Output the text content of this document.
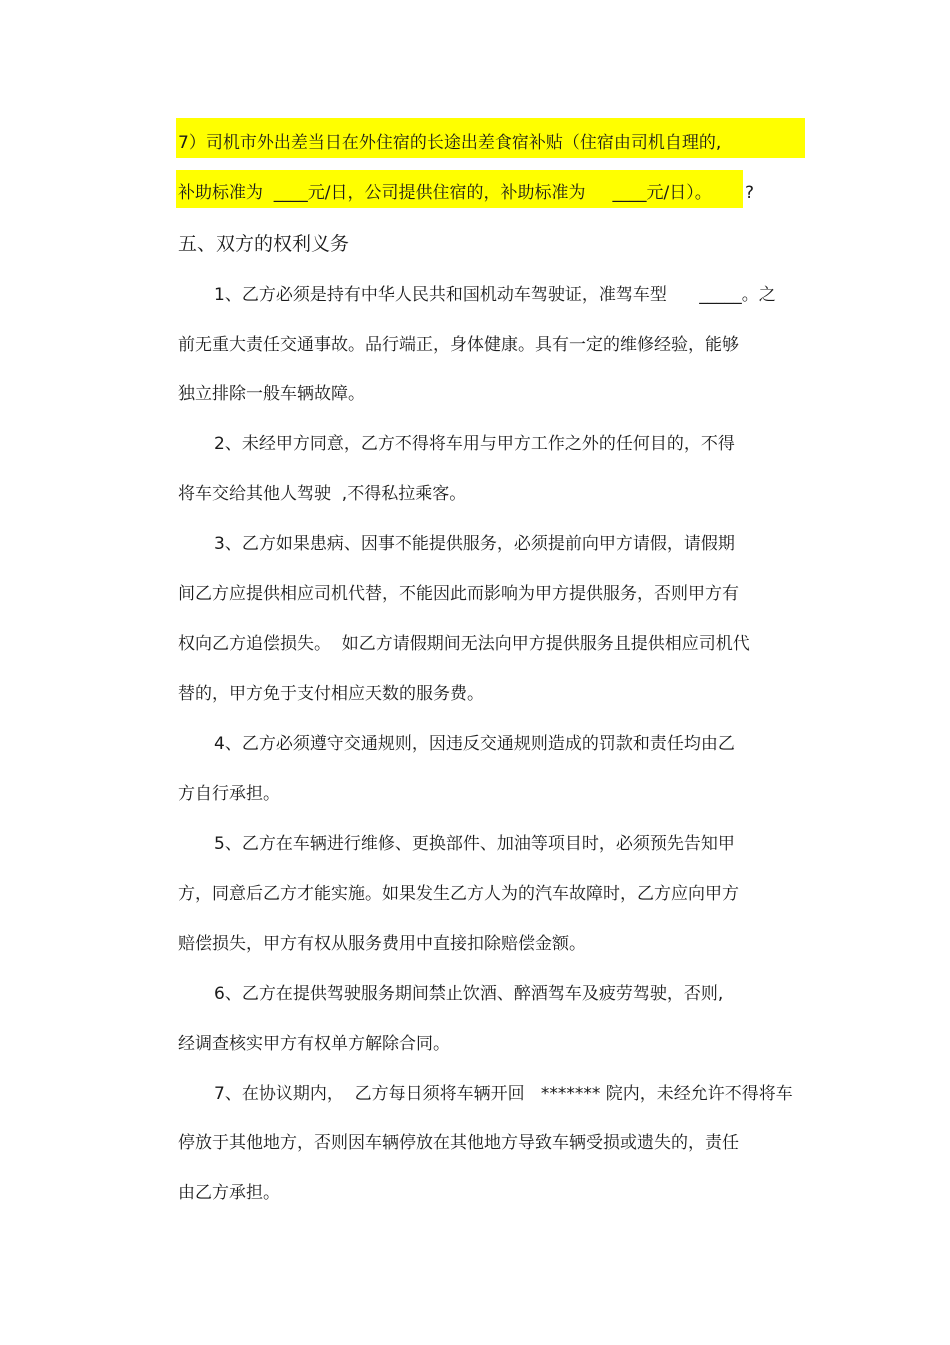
7）司机市外出差当日在外住宿的长途出差食宿补贴（住宿由司机自理的,
补助标准为  ____元/日，公司提供住宿的，补助标准为     ____元/日）。 ?
五、双方的权利义务
1、乙方必须是持有中华人民共和国机动车驾驶证，准驾车型      _____。之
前无重大责任交通事故。品行端正，身体健康。具有一定的维修经验，能够
独立排除一般车辆故障。
2、未经甲方同意，乙方不得将车用与甲方工作之外的任何目的，不得
将车交给其他人驾驶  ,不得私拉乘客。
3、乙方如果患病、因事不能提供服务，必须提前向甲方请假，请假期
间乙方应提供相应司机代替，不能因此而影响为甲方提供服务，否则甲方有
权向乙方追偿损失。  如乙方请假期间无法向甲方提供服务且提供相应司机代
替的，甲方免于支付相应天数的服务费。
4、乙方必须遵守交通规则，因违反交通规则造成的罚款和责任均由乙
方自行承担。
5、乙方在车辆进行维修、更换部件、加油等项目时，必须预先告知甲
方，同意后乙方才能实施。如果发生乙方人为的汽车故障时，乙方应向甲方
赔偿损失，甲方有权从服务费用中直接扣除赔偿金额。
6、乙方在提供驾驶服务期间禁止饮酒、醉酒驾车及疲劳驾驶，否则,
经调查核实甲方有权单方解除合同。
7、在协议期内，  乙方每日须将车辆开回   ******* 院内，未经允许不得将车
停放于其他地方，否则因车辆停放在其他地方导致车辆受损或遗失的，责任
由乙方承担。
